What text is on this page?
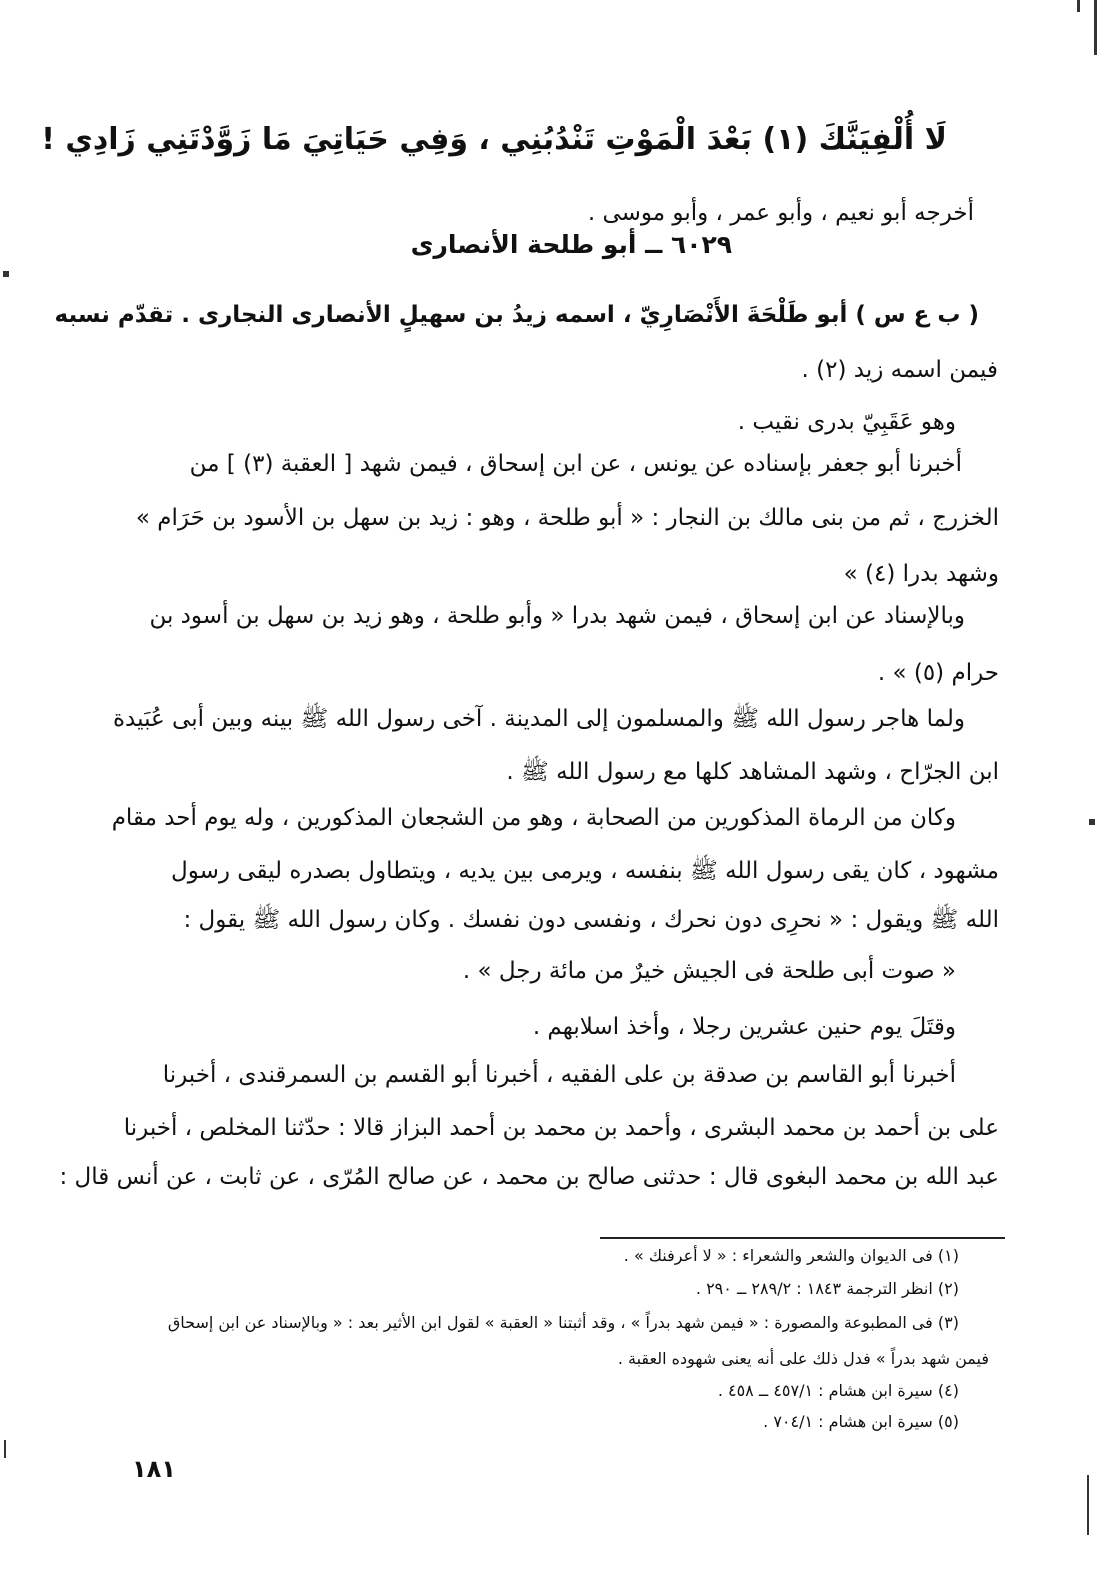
لَا أُلْفِيَنَّكَ (١) بَعْدَ الْمَوْتِ تَنْدُبُنِي ، وَفِي حَيَاتِيَ مَا زَوَّدْتَنِي زَادِي !
أخرجه أبو نعيم ، وأبو عمر ، وأبو موسى .
٦٠٢٩ ــ أبو طلحة الأنصارى
( ب ع س ) أبو طَلْحَةَ الأَنْصَارِيّ ، اسمه زيدُ بن سهيلٍ الأنصارى النجارى . تقدّم نسبه
فيمن اسمه زيد (٢) .
وهو عَقَبِيّ بدرى نقيب .
أخبرنا أبو جعفر بإسناده عن يونس ، عن ابن إسحاق ، فيمن شهد [ العقبة (٣) ] من
الخزرج ، ثم من بنى مالك بن النجار : « أبو طلحة ، وهو : زيد بن سهل بن الأسود بن حَرَام »
وشهد بدرا (٤) »
وبالإسناد عن ابن إسحاق ، فيمن شهد بدرا « وأبو طلحة ، وهو زيد بن سهل بن أسود بن
حرام (٥) » .
ولما هاجر رسول الله ﷺ والمسلمون إلى المدينة . آخى رسول الله ﷺ بينه وبين أبى عُبَيدة
ابن الجرّاح ، وشهد المشاهد كلها مع رسول الله ﷺ .
وكان من الرماة المذكورين من الصحابة ، وهو من الشجعان المذكورين ، وله يوم أحد مقام
مشهود ، كان يقى رسول الله ﷺ بنفسه ، ويرمى بين يديه ، ويتطاول بصدره ليقى رسول
الله ﷺ ويقول : « نحرِى دون نحرك ، ونفسى دون نفسك . وكان رسول الله ﷺ يقول :
« صوت أبى طلحة فى الجيش خيرٌ من مائة رجل » .
وقتَلَ يوم حنين عشرين رجلا ، وأخذ اسلابهم .
أخبرنا أبو القاسم بن صدقة بن على الفقيه ، أخبرنا أبو القسم بن السمرقندى ، أخبرنا
على بن أحمد بن محمد البشرى ، وأحمد بن محمد بن أحمد البزاز قالا : حدّثنا المخلص ، أخبرنا
عبد الله بن محمد البغوى قال : حدثنى صالح بن محمد ، عن صالح المُرّى ، عن ثابت ، عن أنس قال :
(١) فى الديوان والشعر والشعراء : « لا أعرفنك » .
(٢) انظر الترجمة ١٨٤٣ : ٢٨٩/٢ ــ ٢٩٠ .
(٣) فى المطبوعة والمصورة : « فيمن شهد بدراً » ، وقد أثبتنا « العقبة » لقول ابن الأثير بعد : « وبالإسناد عن ابن إسحاق
فيمن شهد بدراً » فدل ذلك على أنه يعنى شهوده العقبة .
(٤) سيرة ابن هشام : ٤٥٧/١ ــ ٤٥٨ .
(٥) سيرة ابن هشام : ٧٠٤/١ .
١٨١
